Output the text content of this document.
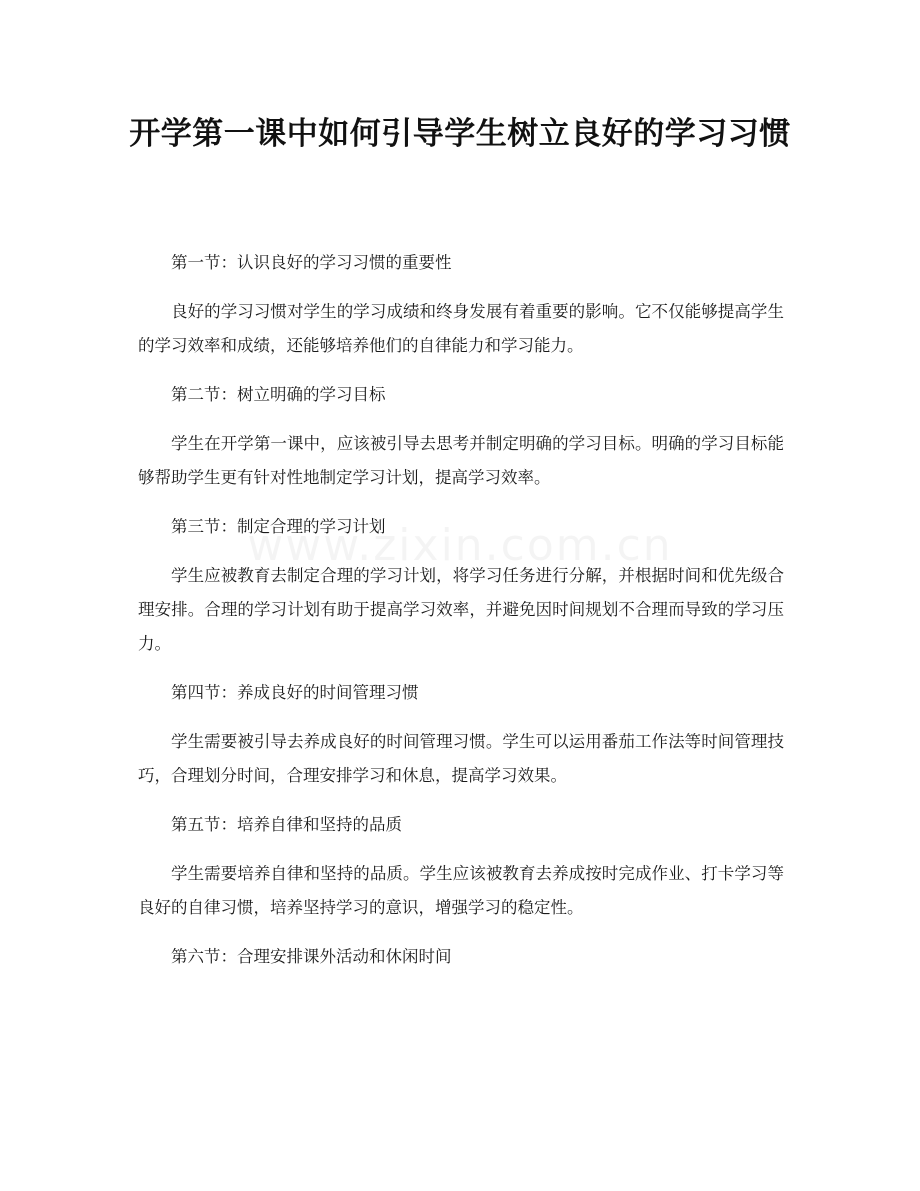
开学第一课中如何引导学生树立良好的学习习惯

第一节：认识良好的学习习惯的重要性

良好的学习习惯对学生的学习成绩和终身发展有着重要的影响。它不仅能够提高学生的学习效率和成绩，还能够培养他们的自律能力和学习能力。

第二节：树立明确的学习目标

学生在开学第一课中，应该被引导去思考并制定明确的学习目标。明确的学习目标能够帮助学生更有针对性地制定学习计划，提高学习效率。

第三节：制定合理的学习计划

学生应被教育去制定合理的学习计划，将学习任务进行分解，并根据时间和优先级合理安排。合理的学习计划有助于提高学习效率，并避免因时间规划不合理而导致的学习压力。

第四节：养成良好的时间管理习惯

学生需要被引导去养成良好的时间管理习惯。学生可以运用番茄工作法等时间管理技巧，合理划分时间，合理安排学习和休息，提高学习效果。

第五节：培养自律和坚持的品质

学生需要培养自律和坚持的品质。学生应该被教育去养成按时完成作业、打卡学习等良好的自律习惯，培养坚持学习的意识，增强学习的稳定性。

第六节：合理安排课外活动和休闲时间
